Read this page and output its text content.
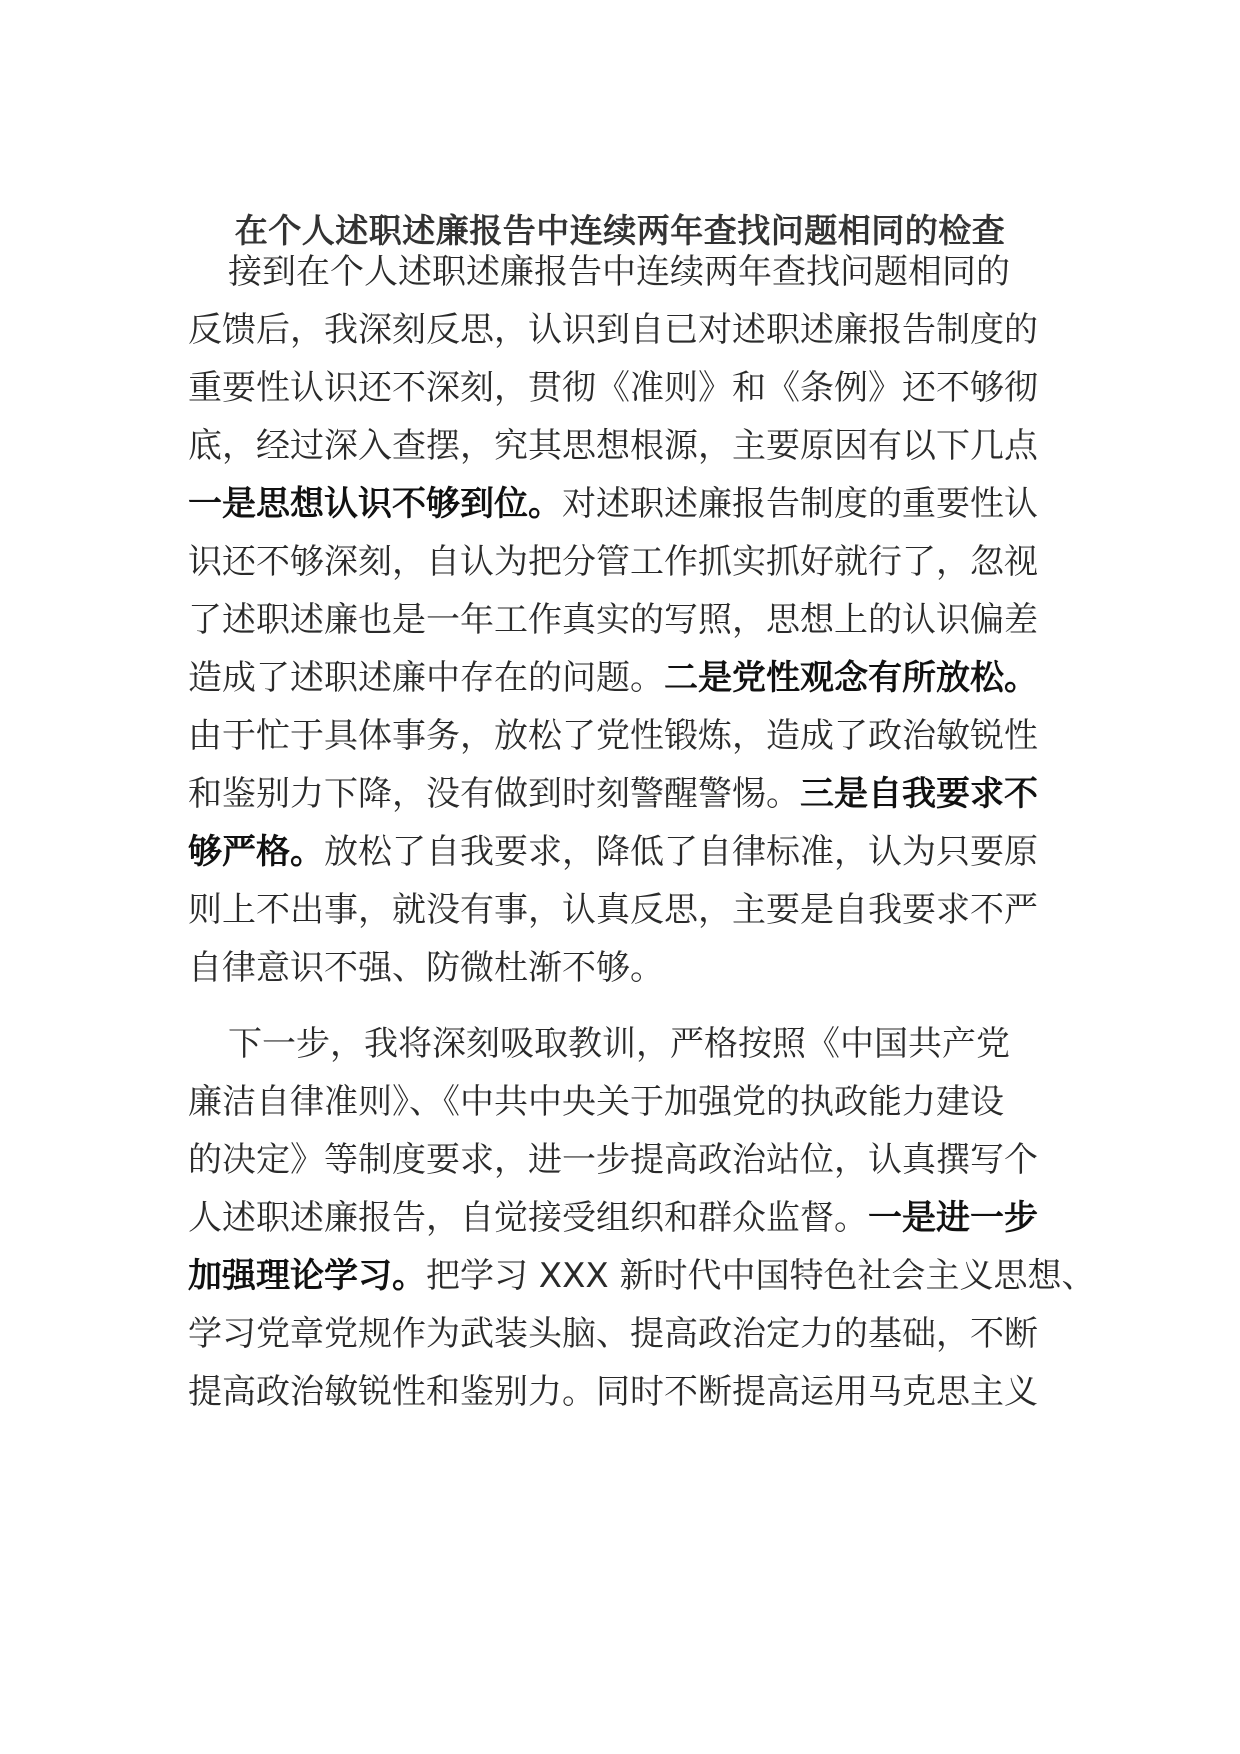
在个人述职述廉报告中连续两年查找问题相同的检查
接到在个人述职述廉报告中连续两年查找问题相同的
反馈后，我深刻反思，认识到自已对述职述廉报告制度的
重要性认识还不深刻，贯彻《准则》和《条例》还不够彻
底，经过深入查摆，究其思想根源，主要原因有以下几点
一是思想认识不够到位。对述职述廉报告制度的重要性认
识还不够深刻，自认为把分管工作抓实抓好就行了，忽视
了述职述廉也是一年工作真实的写照，思想上的认识偏差
造成了述职述廉中存在的问题。二是党性观念有所放松。
由于忙于具体事务，放松了党性锻炼，造成了政治敏锐性
和鉴别力下降，没有做到时刻警醒警惕。三是自我要求不
够严格。放松了自我要求，降低了自律标准，认为只要原
则上不出事，就没有事，认真反思，主要是自我要求不严
自律意识不强、防微杜渐不够。
下一步，我将深刻吸取教训，严格按照《中国共产党
廉洁自律准则》、《中共中央关于加强党的执政能力建设
的决定》等制度要求，进一步提高政治站位，认真撰写个
人述职述廉报告，自觉接受组织和群众监督。一是进一步
加强理论学习。把学习 XXX 新时代中国特色社会主义思想、
学习党章党规作为武装头脑、提高政治定力的基础，不断
提高政治敏锐性和鉴别力。同时不断提高运用马克思主义
